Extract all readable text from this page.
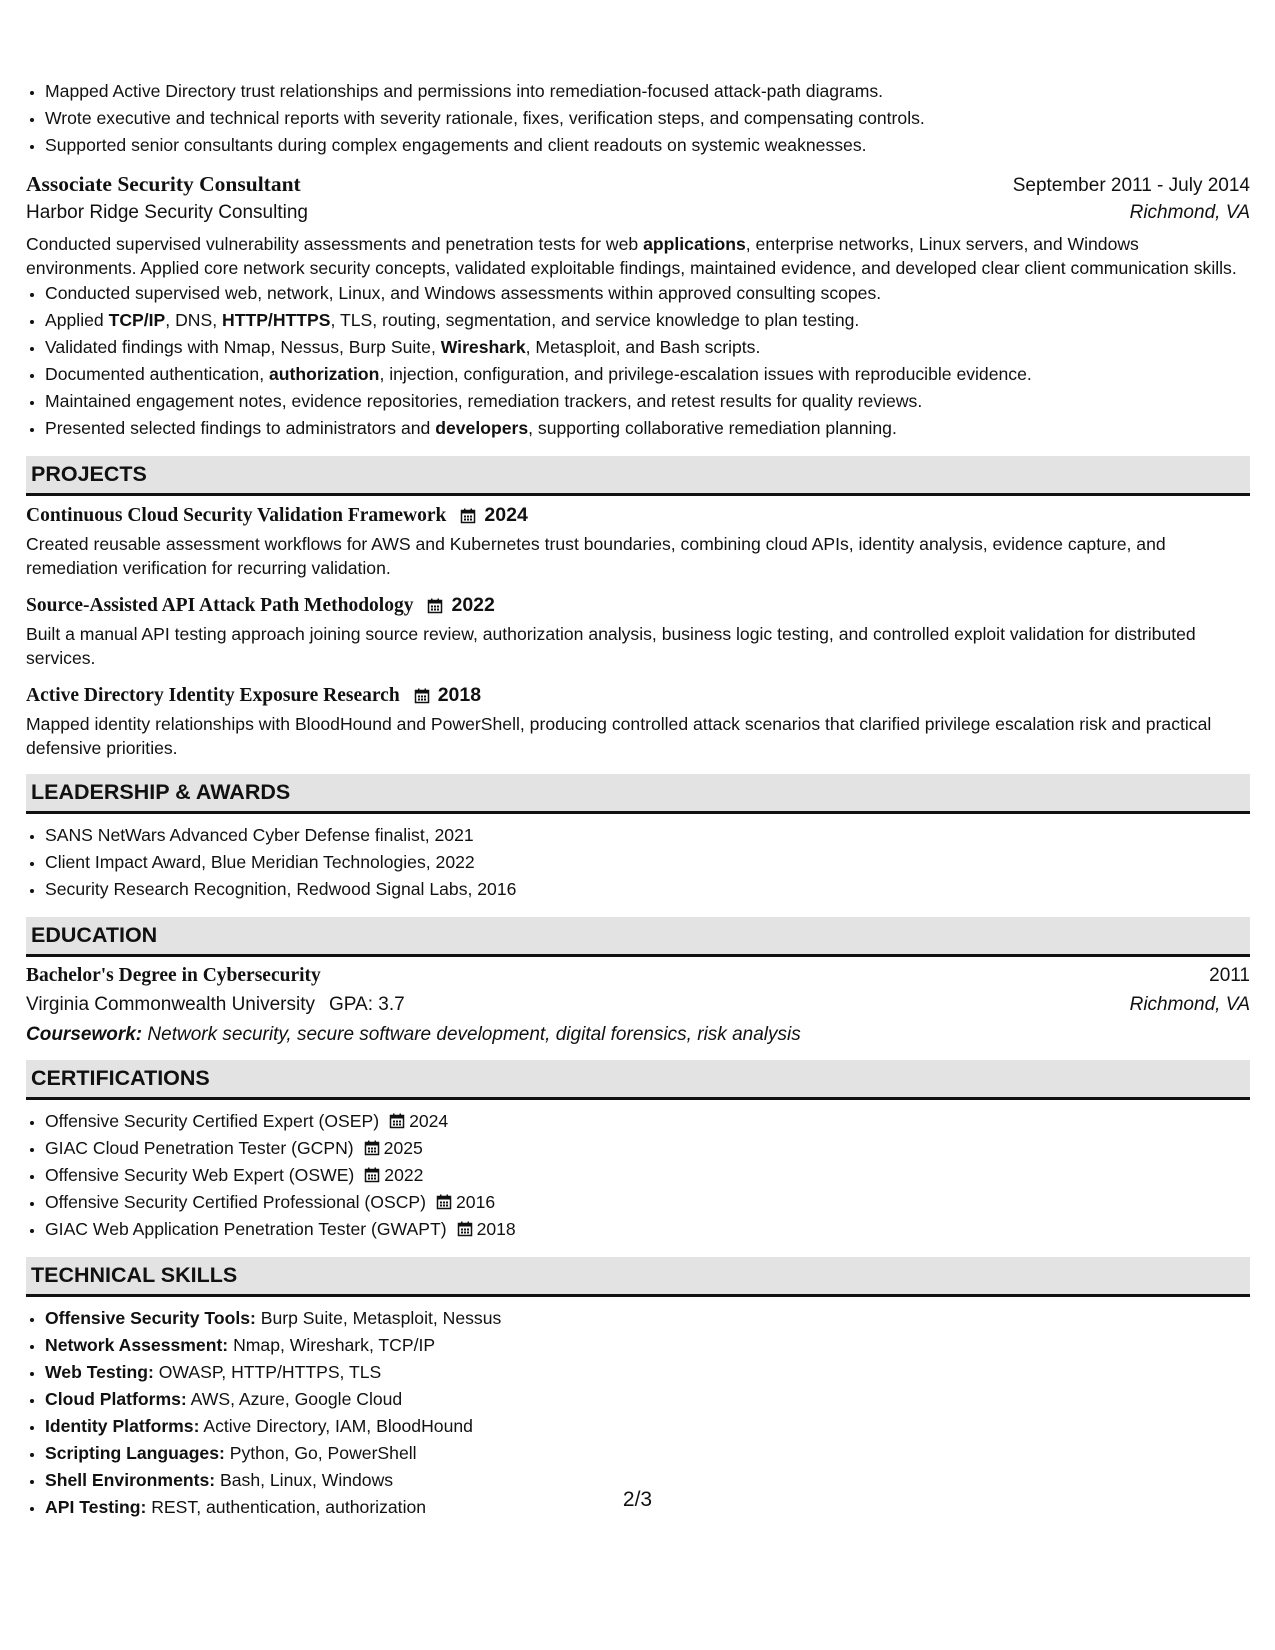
• Mapped Active Directory trust relationships and permissions into remediation-focused attack-path diagrams.
• Wrote executive and technical reports with severity rationale, fixes, verification steps, and compensating controls.
• Supported senior consultants during complex engagements and client readouts on systemic weaknesses.
Associate Security Consultant	September 2011 - July 2014
Harbor Ridge Security Consulting	Richmond, VA
Conducted supervised vulnerability assessments and penetration tests for web applications, enterprise networks, Linux servers, and Windows environments. Applied core network security concepts, validated exploitable findings, maintained evidence, and developed clear client communication skills.
• Conducted supervised web, network, Linux, and Windows assessments within approved consulting scopes.
• Applied TCP/IP, DNS, HTTP/HTTPS, TLS, routing, segmentation, and service knowledge to plan testing.
• Validated findings with Nmap, Nessus, Burp Suite, Wireshark, Metasploit, and Bash scripts.
• Documented authentication, authorization, injection, configuration, and privilege-escalation issues with reproducible evidence.
• Maintained engagement notes, evidence repositories, remediation trackers, and retest results for quality reviews.
• Presented selected findings to administrators and developers, supporting collaborative remediation planning.
PROJECTS
Continuous Cloud Security Validation Framework 2024
Created reusable assessment workflows for AWS and Kubernetes trust boundaries, combining cloud APIs, identity analysis, evidence capture, and remediation verification for recurring validation.
Source-Assisted API Attack Path Methodology 2022
Built a manual API testing approach joining source review, authorization analysis, business logic testing, and controlled exploit validation for distributed services.
Active Directory Identity Exposure Research 2018
Mapped identity relationships with BloodHound and PowerShell, producing controlled attack scenarios that clarified privilege escalation risk and practical defensive priorities.
LEADERSHIP & AWARDS
• SANS NetWars Advanced Cyber Defense finalist, 2021
• Client Impact Award, Blue Meridian Technologies, 2022
• Security Research Recognition, Redwood Signal Labs, 2016
EDUCATION
Bachelor's Degree in Cybersecurity	2011
Virginia Commonwealth University GPA: 3.7	Richmond, VA
Coursework: Network security, secure software development, digital forensics, risk analysis
CERTIFICATIONS
• Offensive Security Certified Expert (OSEP) 2024
• GIAC Cloud Penetration Tester (GCPN) 2025
• Offensive Security Web Expert (OSWE) 2022
• Offensive Security Certified Professional (OSCP) 2016
• GIAC Web Application Penetration Tester (GWAPT) 2018
TECHNICAL SKILLS
• Offensive Security Tools: Burp Suite, Metasploit, Nessus
• Network Assessment: Nmap, Wireshark, TCP/IP
• Web Testing: OWASP, HTTP/HTTPS, TLS
• Cloud Platforms: AWS, Azure, Google Cloud
• Identity Platforms: Active Directory, IAM, BloodHound
• Scripting Languages: Python, Go, PowerShell
• Shell Environments: Bash, Linux, Windows
• API Testing: REST, authentication, authorization	2/3
